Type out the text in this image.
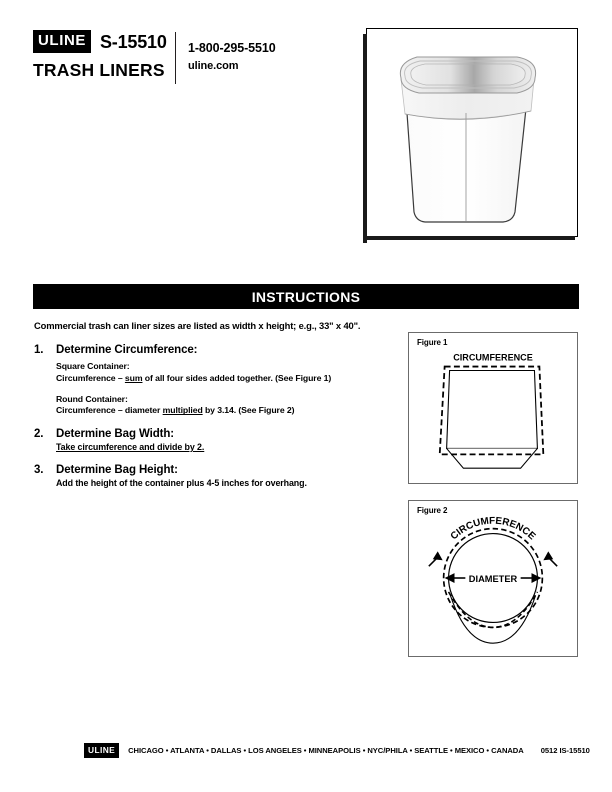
ULINE S-15510
TRASH LINERS
1-800-295-5510
uline.com
INSTRUCTIONS
Commercial trash can liner sizes are listed as width x height; e.g., 33" x 40".
1.	Determine Circumference:
Square Container:
Circumference – sum of all four sides added together. (See Figure 1)
Round Container:
Circumference – diameter multiplied by 3.14. (See Figure 2)
2.	Determine Bag Width:
Take circumference and divide by 2.
3.	Determine Bag Height:
Add the height of the container plus 4-5 inches for overhang.
Figure 1
CIRCUMFERENCE
Figure 2
CIRCUMFERENCE
DIAMETER
ULINE	CHICAGO • ATLANTA • DALLAS • LOS ANGELES • MINNEAPOLIS • NYC/PHILA • SEATTLE • MEXICO • CANADA 0512 IS-15510
